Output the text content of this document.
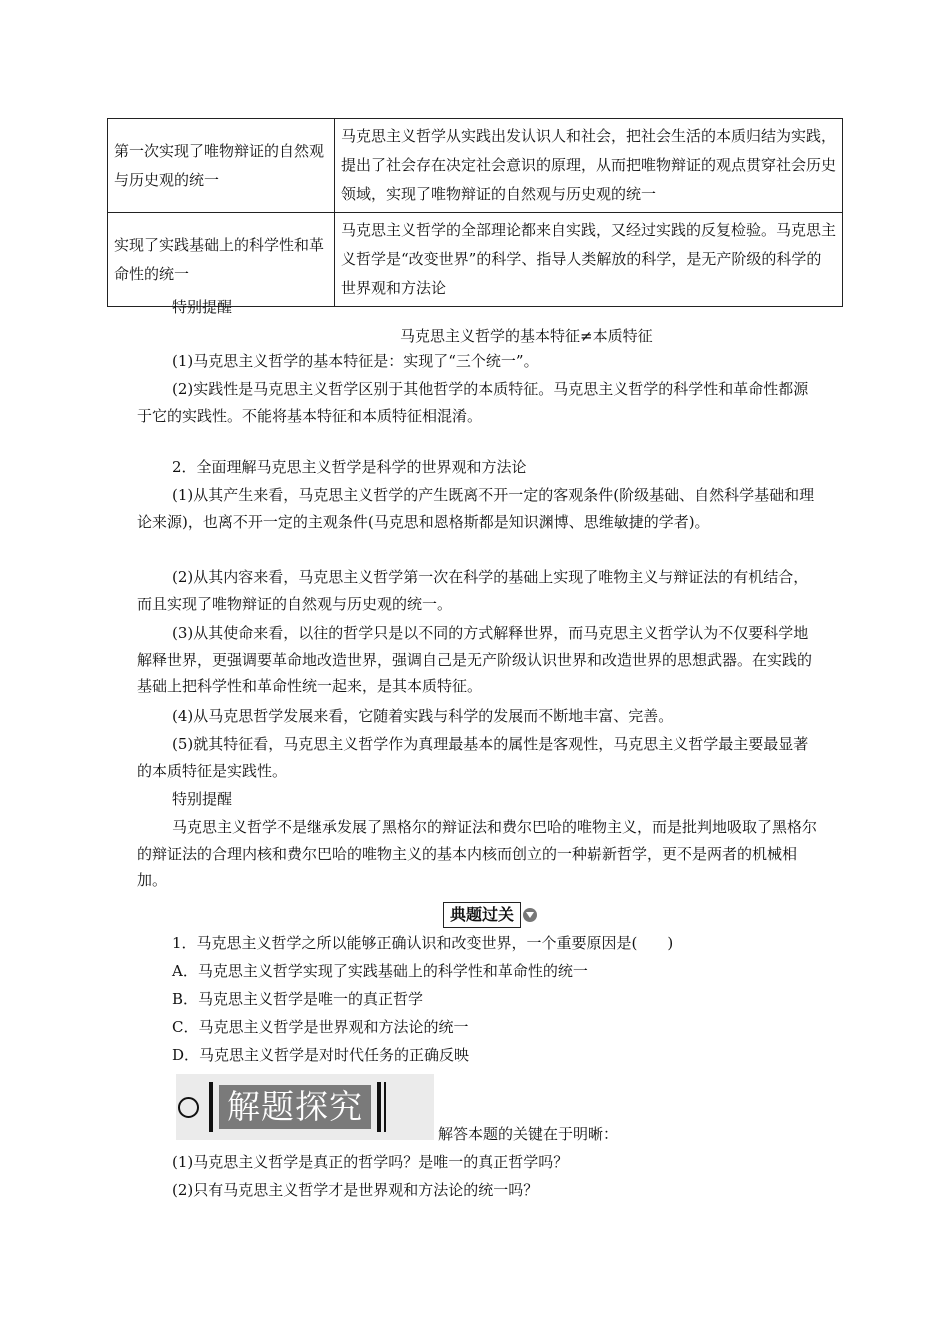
第一次实现了唯物辩证的自然观与历史观的统一	马克思主义哲学从实践出发认识人和社会，把社会生活的本质归结为实践，提出了社会存在决定社会意识的原理，从而把唯物辩证的观点贯穿社会历史领域，实现了唯物辩证的自然观与历史观的统一
实现了实践基础上的科学性和革命性的统一	马克思主义哲学的全部理论都来自实践，又经过实践的反复检验。马克思主义哲学是“改变世界”的科学、指导人类解放的科学，是无产阶级的科学的世界观和方法论

特别提醒

马克思主义哲学的基本特征≠本质特征

(1)马克思主义哲学的基本特征是：实现了“三个统一”。

(2)实践性是马克思主义哲学区别于其他哲学的本质特征。马克思主义哲学的科学性和革命性都源于它的实践性。不能将基本特征和本质特征相混淆。

2．全面理解马克思主义哲学是科学的世界观和方法论

(1)从其产生来看，马克思主义哲学的产生既离不开一定的客观条件(阶级基础、自然科学基础和理论来源)，也离不开一定的主观条件(马克思和恩格斯都是知识渊博、思维敏捷的学者)。

(2)从其内容来看，马克思主义哲学第一次在科学的基础上实现了唯物主义与辩证法的有机结合，而且实现了唯物辩证的自然观与历史观的统一。

(3)从其使命来看，以往的哲学只是以不同的方式解释世界，而马克思主义哲学认为不仅要科学地解释世界，更强调要革命地改造世界，强调自己是无产阶级认识世界和改造世界的思想武器。在实践的基础上把科学性和革命性统一起来，是其本质特征。

(4)从马克思哲学发展来看，它随着实践与科学的发展而不断地丰富、完善。

(5)就其特征看，马克思主义哲学作为真理最基本的属性是客观性，马克思主义哲学最主要最显著的本质特征是实践性。

特别提醒

马克思主义哲学不是继承发展了黑格尔的辩证法和费尔巴哈的唯物主义，而是批判地吸取了黑格尔的辩证法的合理内核和费尔巴哈的唯物主义的基本内核而创立的一种崭新哲学，更不是两者的机械相加。

典题过关

1．马克思主义哲学之所以能够正确认识和改变世界，一个重要原因是(　　)

A．马克思主义哲学实现了实践基础上的科学性和革命性的统一

B．马克思主义哲学是唯一的真正哲学

C．马克思主义哲学是世界观和方法论的统一

D．马克思主义哲学是对时代任务的正确反映

解题探究

解答本题的关键在于明晰：

(1)马克思主义哲学是真正的哲学吗？是唯一的真正哲学吗？

(2)只有马克思主义哲学才是世界观和方法论的统一吗？
